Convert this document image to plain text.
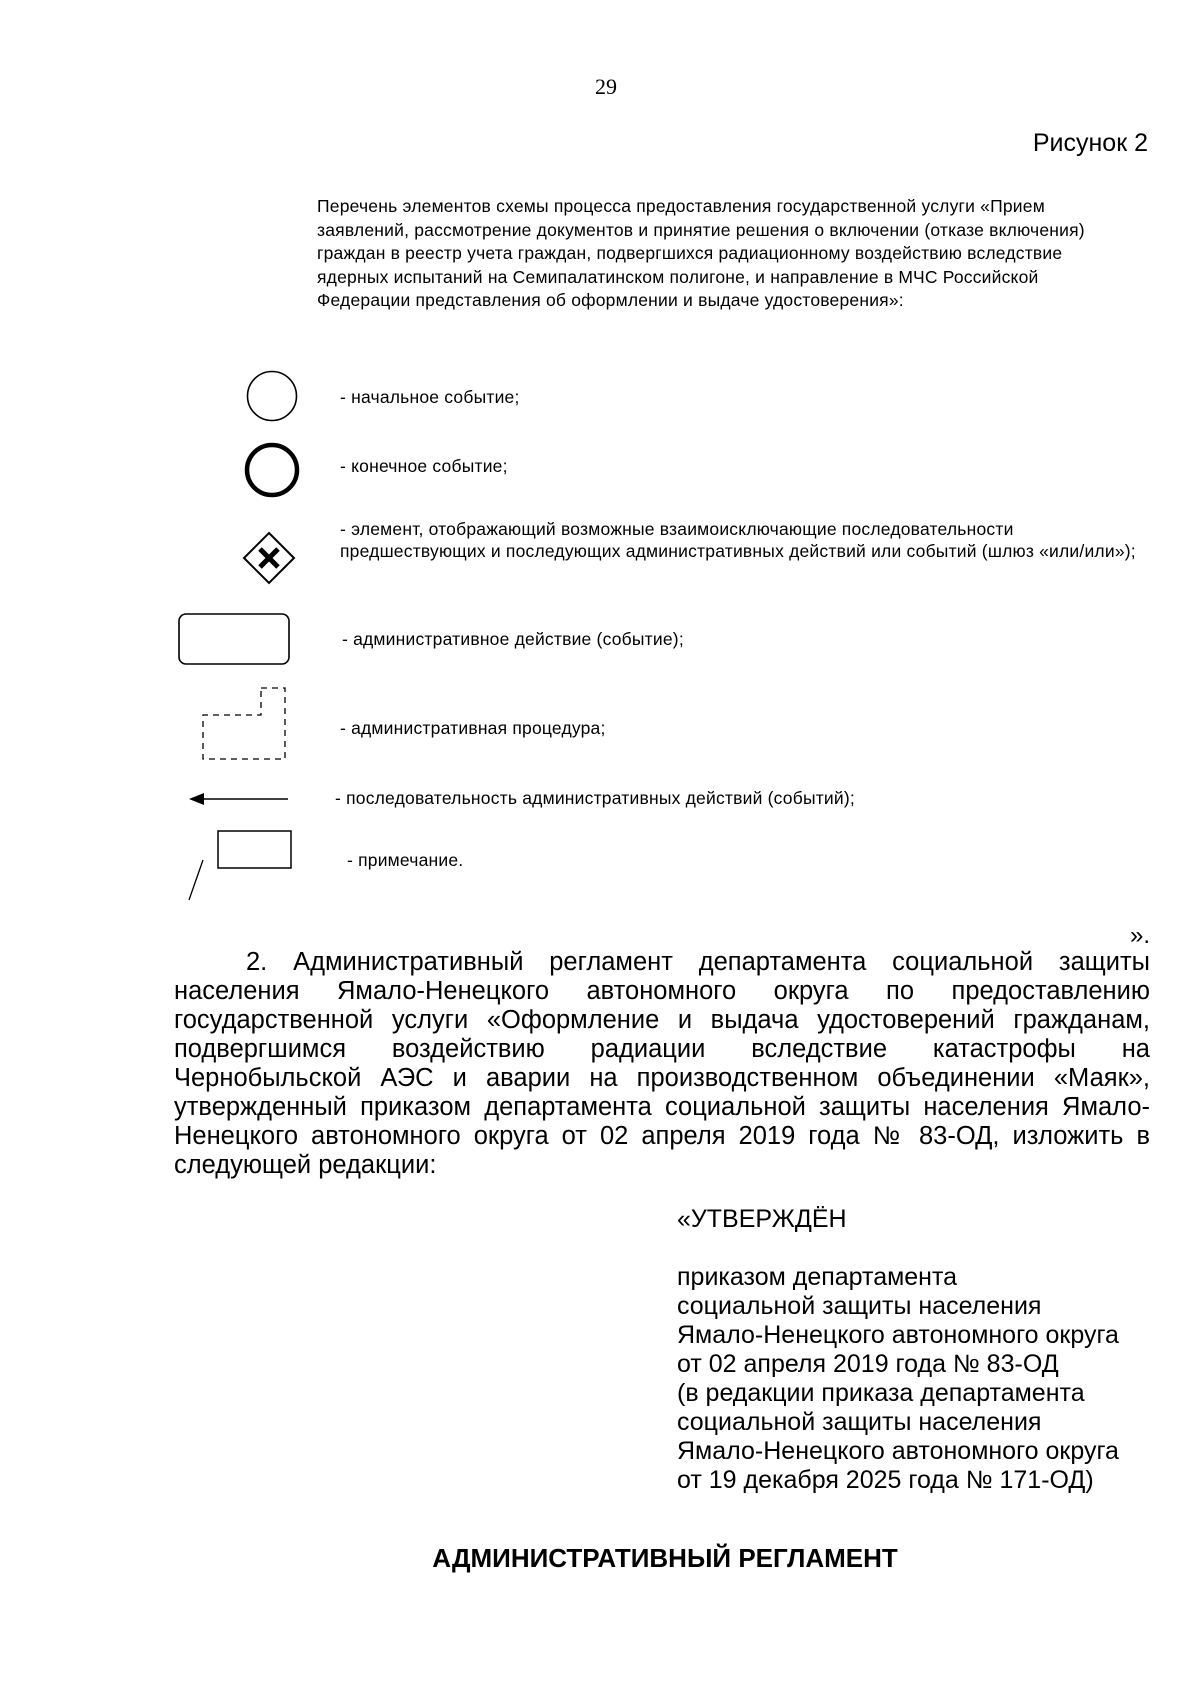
29
Рисунок 2
Перечень элементов схемы процесса предоставления государственной услуги «Прием заявлений, рассмотрение документов и принятие решения о включении (отказе включения) граждан в реестр учета граждан, подвергшихся радиационному воздействию вследствие ядерных испытаний на Семипалатинском полигоне, и направление в МЧС Российской Федерации представления об оформлении и выдаче удостоверения»:
- начальное событие;
- конечное событие;
- элемент, отображающий возможные взаимоисключающие последовательности предшествующих и последующих административных действий или событий (шлюз «или/или»);
- административное действие (событие);
- административная процедура;
- последовательность административных действий (событий);
- примечание.
».
2. Административный регламент департамента социальной защиты населения Ямало-Ненецкого автономного округа по предоставлению государственной услуги «Оформление и выдача удостоверений гражданам, подвергшимся воздействию радиации вследствие катастрофы на Чернобыльской АЭС и аварии на производственном объединении «Маяк», утвержденный приказом департамента социальной защиты населения Ямало-Ненецкого автономного округа от 02 апреля 2019 года № 83-ОД, изложить в следующей редакции:
«УТВЕРЖДЁН
приказом департамента
социальной защиты населения
Ямало-Ненецкого автономного округа
от 02 апреля 2019 года № 83-ОД
(в редакции приказа департамента
социальной защиты населения
Ямало-Ненецкого автономного округа
от 19 декабря 2025 года № 171-ОД)
АДМИНИСТРАТИВНЫЙ РЕГЛАМЕНТ
